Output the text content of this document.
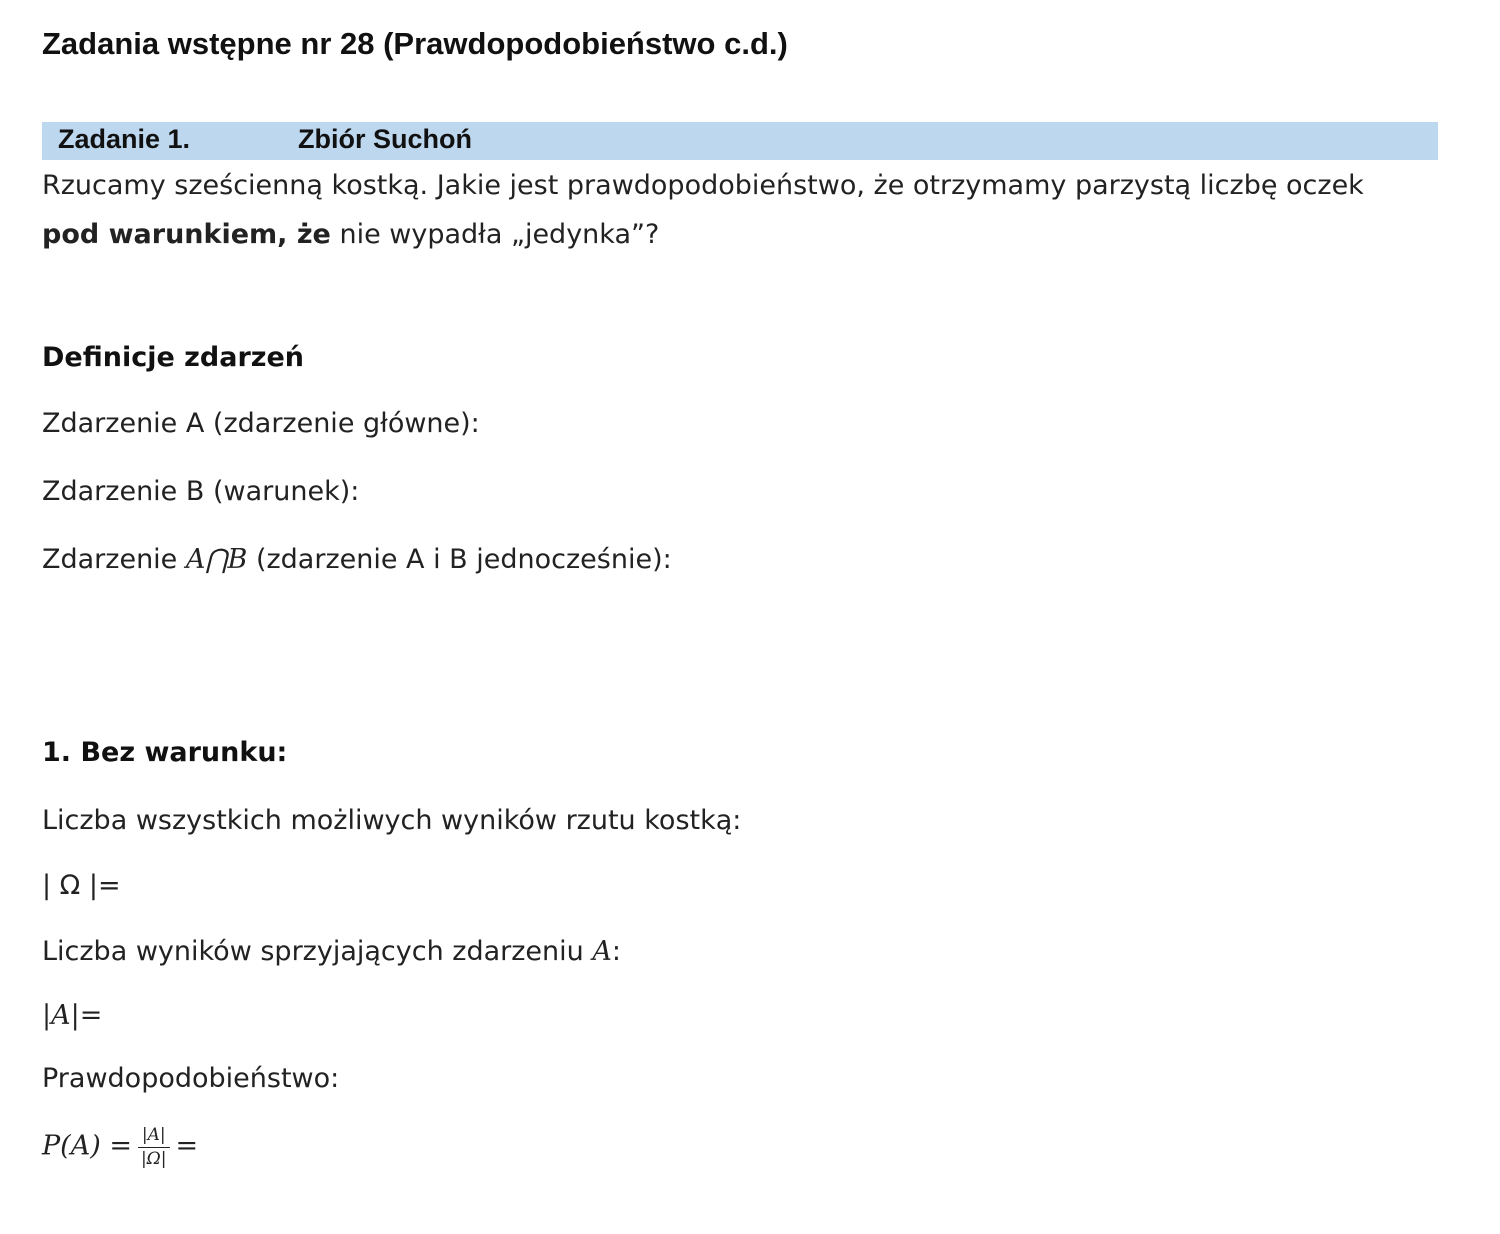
Zadania wstępne nr 28 (Prawdopodobieństwo c.d.)
Zadanie 1.	Zbiór Suchoń
Rzucamy sześcienną kostką. Jakie jest prawdopodobieństwo, że otrzymamy parzystą liczbę oczek
pod warunkiem, że nie wypadła „jedynka”?
Definicje zdarzeń
Zdarzenie A (zdarzenie główne):
Zdarzenie B (warunek):
Zdarzenie A⋂B (zdarzenie A i B jednocześnie):
1. Bez warunku:
Liczba wszystkich możliwych wyników rzutu kostką:
| Ω |=
Liczba wyników sprzyjających zdarzeniu A:
|A|=
Prawdopodobieństwo:
$P(A) = \frac{|A|}{|\Omega|}$ =
